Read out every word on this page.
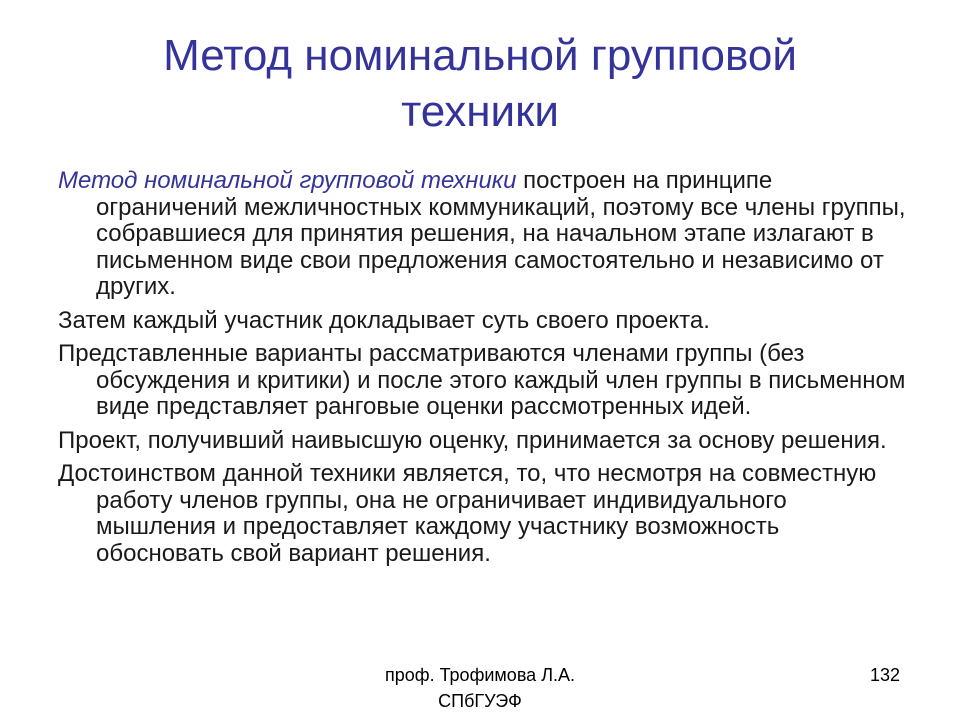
Метод номинальной групповой
техники

Метод номинальной групповой техники построен на принципе ограничений межличностных коммуникаций, поэтому все члены группы, собравшиеся для принятия решения, на начальном этапе излагают в письменном виде свои предложения самостоятельно и независимо от других.

Затем каждый участник докладывает суть своего проекта.

Представленные варианты рассматриваются членами группы (без обсуждения и критики) и после этого каждый член группы в письменном виде представляет ранговые оценки рассмотренных идей.

Проект, получивший наивысшую оценку, принимается за основу решения.

Достоинством данной техники является, то, что несмотря на совместную работу членов группы, она не ограничивает индивидуального мышления и предоставляет каждому участнику возможность обосновать свой вариант решения.

проф. Трофимова Л.А.
СПбГУЭФ
132
